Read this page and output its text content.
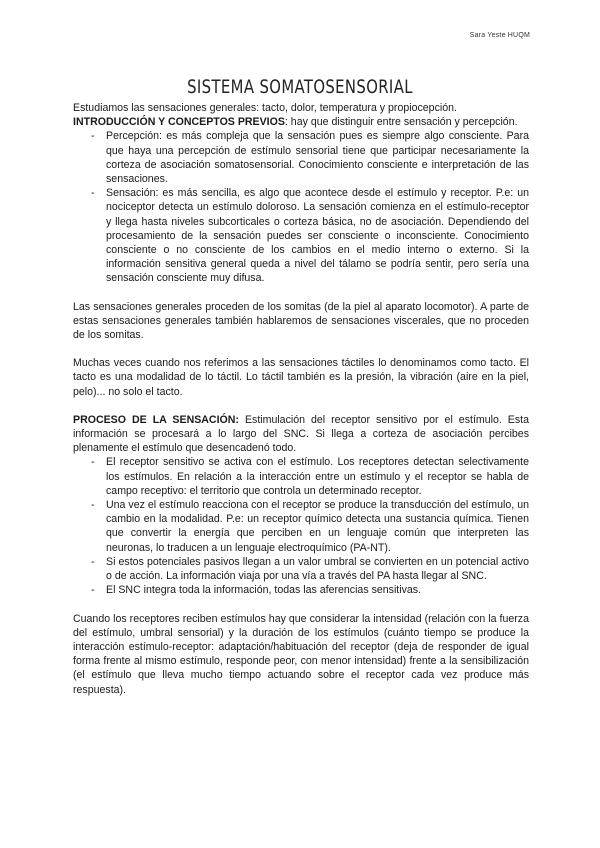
Sara Yeste HUQM
SISTEMA SOMATOSENSORIAL

Estudiamos las sensaciones generales: tacto, dolor, temperatura y propiocepción.

INTRODUCCIÓN Y CONCEPTOS PREVIOS: hay que distinguir entre sensación y percepción.

- Percepción: es más compleja que la sensación pues es siempre algo consciente. Para que haya una percepción de estímulo sensorial tiene que participar necesariamente la corteza de asociación somatosensorial. Conocimiento consciente e interpretación de las sensaciones.
- Sensación: es más sencilla, es algo que acontece desde el estímulo y receptor. P.e: un nociceptor detecta un estímulo doloroso. La sensación comienza en el estímulo-receptor y llega hasta niveles subcorticales o corteza básica, no de asociación. Dependiendo del procesamiento de la sensación puedes ser consciente o inconsciente. Conocimiento consciente o no consciente de los cambios en el medio interno o externo. Si la información sensitiva general queda a nivel del tálamo se podría sentir, pero sería una sensación consciente muy difusa.

Las sensaciones generales proceden de los somitas (de la piel al aparato locomotor). A parte de estas sensaciones generales también hablaremos de sensaciones viscerales, que no proceden de los somitas.

Muchas veces cuando nos referimos a las sensaciones táctiles lo denominamos como tacto. El tacto es una modalidad de lo táctil. Lo táctil también es la presión, la vibración (aire en la piel, pelo)... no solo el tacto.

PROCESO DE LA SENSACIÓN: Estimulación del receptor sensitivo por el estímulo. Esta información se procesará a lo largo del SNC. Si llega a corteza de asociación percibes plenamente el estímulo que desencadenó todo.

- El receptor sensitivo se activa con el estímulo. Los receptores detectan selectivamente los estímulos. En relación a la interacción entre un estímulo y el receptor se habla de campo receptivo: el territorio que controla un determinado receptor.
- Una vez el estímulo reacciona con el receptor se produce la transducción del estímulo, un cambio en la modalidad. P.e: un receptor químico detecta una sustancia química. Tienen que convertir la energía que perciben en un lenguaje común que interpreten las neuronas, lo traducen a un lenguaje electroquímico (PA-NT).
- Si estos potenciales pasivos llegan a un valor umbral se convierten en un potencial activo o de acción. La información viaja por una vía a través del PA hasta llegar al SNC.
- El SNC integra toda la información, todas las aferencias sensitivas.

Cuando los receptores reciben estímulos hay que considerar la intensidad (relación con la fuerza del estímulo, umbral sensorial) y la duración de los estímulos (cuánto tiempo se produce la interacción estímulo-receptor: adaptación/habituación del receptor (deja de responder de igual forma frente al mismo estímulo, responde peor, con menor intensidad) frente a la sensibilización (el estímulo que lleva mucho tiempo actuando sobre el receptor cada vez produce más respuesta).
